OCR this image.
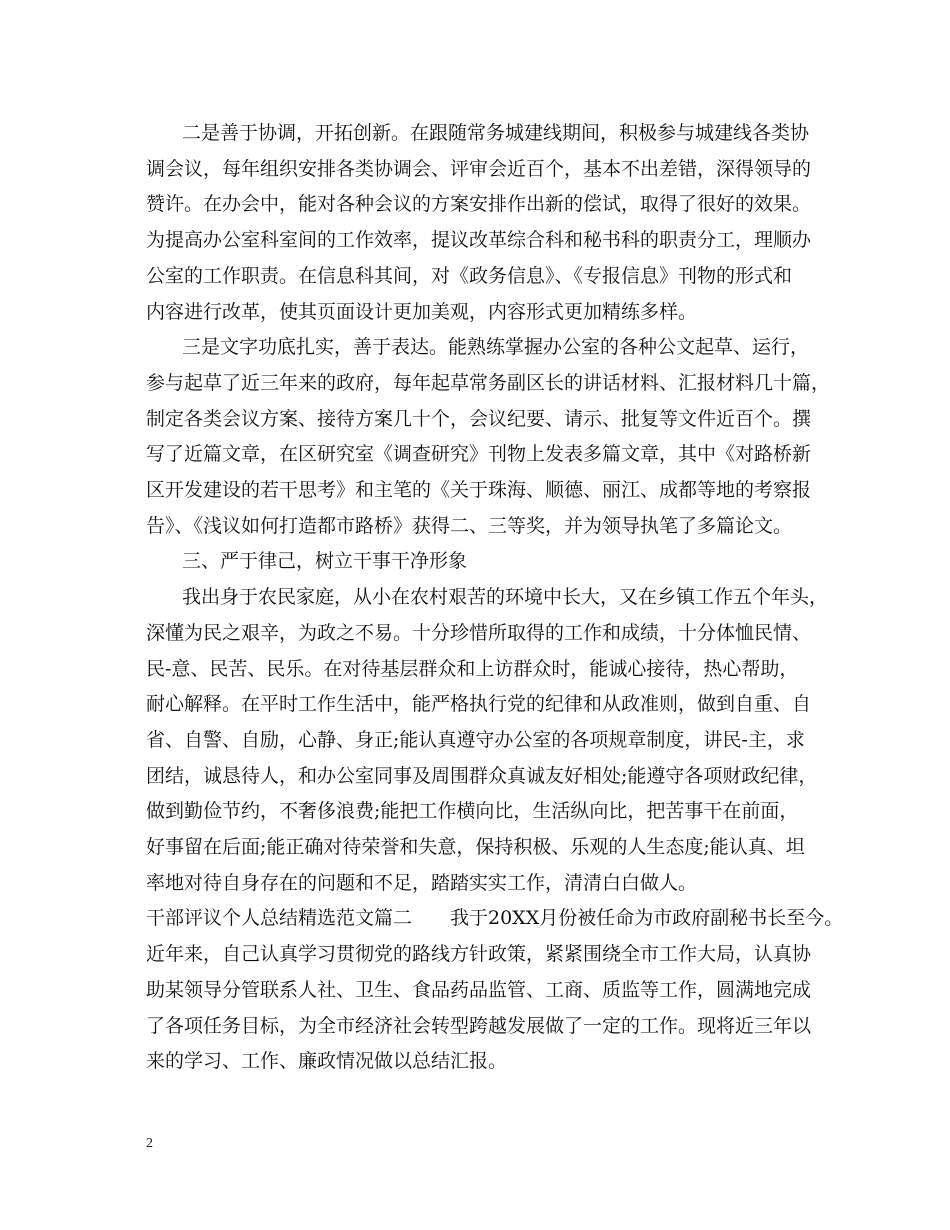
二是善于协调，开拓创新。在跟随常务城建线期间，积极参与城建线各类协
调会议，每年组织安排各类协调会、评审会近百个，基本不出差错，深得领导的
赞许。在办会中，能对各种会议的方案安排作出新的偿试，取得了很好的效果。
为提高办公室科室间的工作效率，提议改革综合科和秘书科的职责分工，理顺办
公室的工作职责。在信息科其间，对《政务信息》、《专报信息》刊物的形式和
内容进行改革，使其页面设计更加美观，内容形式更加精练多样。
三是文字功底扎实，善于表达。能熟练掌握办公室的各种公文起草、运行，
参与起草了近三年来的政府，每年起草常务副区长的讲话材料、汇报材料几十篇，
制定各类会议方案、接待方案几十个，会议纪要、请示、批复等文件近百个。撰
写了近篇文章，在区研究室《调查研究》刊物上发表多篇文章，其中《对路桥新
区开发建设的若干思考》和主笔的《关于珠海、顺德、丽江、成都等地的考察报
告》、《浅议如何打造都市路桥》获得二、三等奖，并为领导执笔了多篇论文。
三、严于律己，树立干事干净形象
我出身于农民家庭，从小在农村艰苦的环境中长大，又在乡镇工作五个年头，
深懂为民之艰辛，为政之不易。十分珍惜所取得的工作和成绩，十分体恤民情、
民-意、民苦、民乐。在对待基层群众和上访群众时，能诚心接待，热心帮助，
耐心解释。在平时工作生活中，能严格执行党的纪律和从政准则，做到自重、自
省、自警、自励，心静、身正;能认真遵守办公室的各项规章制度，讲民-主，求
团结，诚恳待人，和办公室同事及周围群众真诚友好相处;能遵守各项财政纪律，
做到勤俭节约，不奢侈浪费;能把工作横向比，生活纵向比，把苦事干在前面，
好事留在后面;能正确对待荣誉和失意，保持积极、乐观的人生态度;能认真、坦
率地对待自身存在的问题和不足，踏踏实实工作，清清白白做人。
干部评议个人总结精选范文篇二　　我于20XX月份被任命为市政府副秘书长至今。
近年来，自己认真学习贯彻党的路线方针政策，紧紧围绕全市工作大局，认真协
助某领导分管联系人社、卫生、食品药品监管、工商、质监等工作，圆满地完成
了各项任务目标，为全市经济社会转型跨越发展做了一定的工作。现将近三年以
来的学习、工作、廉政情况做以总结汇报。
2
